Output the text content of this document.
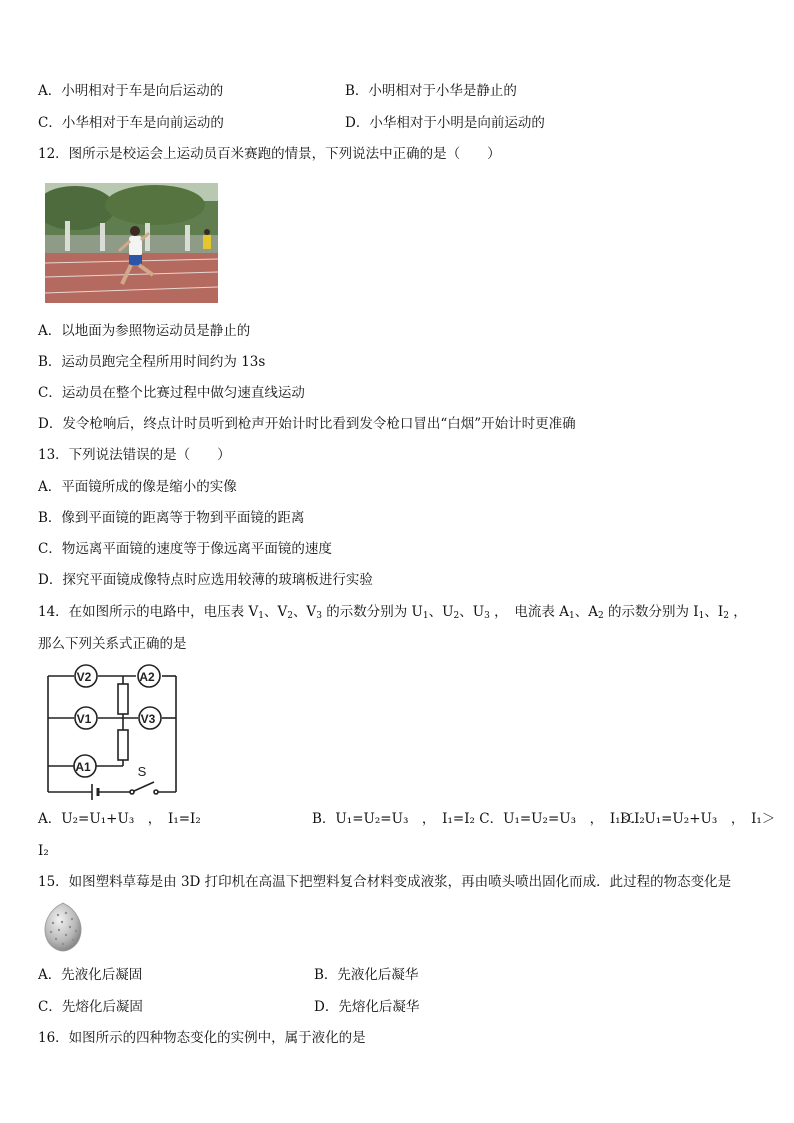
A．小明相对于车是向后运动的	B．小明相对于小华是静止的
C．小华相对于车是向前运动的	D．小华相对于小明是向前运动的
12．图所示是校运会上运动员百米赛跑的情景，下列说法中正确的是（　　）
A．以地面为参照物运动员是静止的
B．运动员跑完全程所用时间约为 13s
C．运动员在整个比赛过程中做匀速直线运动
D．发令枪响后，终点计时员听到枪声开始计时比看到发令枪口冒出“白烟”开始计时更准确
13．下列说法错误的是（　　）
A．平面镜所成的像是缩小的实像
B．像到平面镜的距离等于物到平面镜的距离
C．物远离平面镜的速度等于像远离平面镜的速度
D．探究平面镜成像特点时应选用较薄的玻璃板进行实验
14．在如图所示的电路中，电压表 $V_1$、$V_2$、$V_3$ 的示数分别为 $U_1$、$U_2$、$U_3$ ，　电流表 $A_1$、$A_2$ 的示数分别为 $I_1$、$I_2$ ，
那么下列关系式正确的是
V2	A2
V1	V3
A1	S
A．U₂=U₁+U₃　，　I₁=I₂	B．U₁=U₂=U₃　，　I₁=I₂ C．U₁=U₂=U₃　，　I₁＜I₂
D．U₁=U₂+U₃　，　I₁＞
I₂
15．如图塑料草莓是由 3D 打印机在高温下把塑料复合材料变成液浆，再由喷头喷出固化而成．此过程的物态变化是
A．先液化后凝固	B．先液化后凝华
C．先熔化后凝固	D．先熔化后凝华
16．如图所示的四种物态变化的实例中，属于液化的是
